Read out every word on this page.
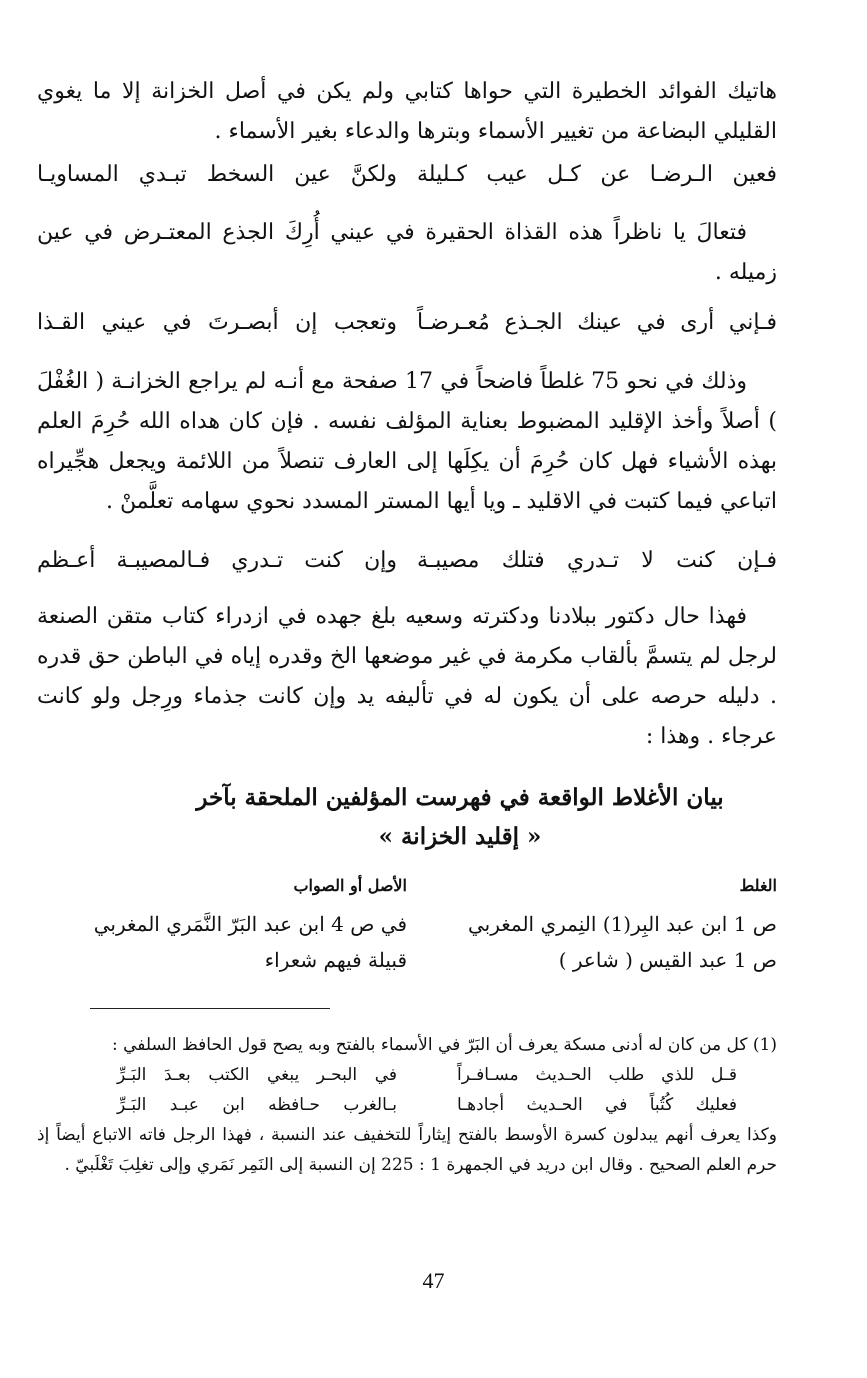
هاتيك الفوائد الخطيرة التي حواها كتابي ولم يكن في أصل الخزانة إلا ما يغوي القليلي البضاعة من تغيير الأسماء وبترها والدعاء بغير الأسماء .

فعين الـرضـا عن كـل عيب كـليلة
ولكنَّ عين السخط تبـدي المساويـا

فتعالَ يا ناظراً هذه القذاة الحقيرة في عيني أُرِكَ الجذع المعتـرض في عين زميله .

فـإني أرى في عينك الجـذع مُعـرضـاً
وتعجب إن أبصـرتَ في عيني القـذا

وذلك في نحو 75 غلطاً فاضحاً في 17 صفحة مع أنـه لم يراجع الخزانـة ( الغُفْلَ ) أصلاً وأخذ الإقليد المضبوط بعناية المؤلف نفسه . فإن كان هداه الله حُرِمَ العلم بهذه الأشياء فهل كان حُرِمَ أن يكِلَها إلى العارف تنصلاً من اللائمة ويجعل هجِّيراه اتباعي فيما كتبت في الاقليد ـ ويا أيها المستر المسدد نحوي سهامه تعلَّمنْ .

فـإن كنت لا تـدري فتلك مصيبـة
وإن كنت تـدري فـالمصيبـة أعـظم

فهذا حال دكتور ببلادنا ودكترته وسعيه بلغ جهده في ازدراء كتاب متقن الصنعة لرجل لم يتسمَّ بألقاب مكرمة في غير موضعها الخ وقدره إياه في الباطن حق قدره . دليله حرصه على أن يكون له في تأليفه يد وإن كانت جذماء ورِجل ولو كانت عرجاء . وهذا :

بيان الأغلاط الواقعة في فهرست المؤلفين الملحقة بآخر
« إقليد الخزانة »
الغلط
الأصل أو الصواب
ص 1 ابن عبد البِر(1) النِمري المغربي
في ص 4 ابن عبد البَرّ النَّمَري المغربي
ص 1 عبد القيس ( شاعر )
قبيلة فيهم شعراء

(1) كل من كان له أدنى مسكة يعرف أن البَرّ في الأسماء بالفتح وبه يصح قول الحافظ السلفي :

قـل للذي طلب الحـديث مسـافـراً
في البحـر يبغي الكتب بعـدَ البَـرِّ
فعليك كُتُباً في الحـديث أجادهـا
بـالغرب حـافظه ابن عبـد البَـرِّ

وكذا يعرف أنهم يبدلون كسرة الأوسط بالفتح إيثاراً للتخفيف عند النسبة ، فهذا الرجل فاته الاتباع أيضاً إذ حرم العلم الصحيح . وقال ابن دريد في الجمهرة 1 : 225 إن النسبة إلى النَمِر نَمَري وإلى تغلِبَ تَغْلَبيّ .

47
